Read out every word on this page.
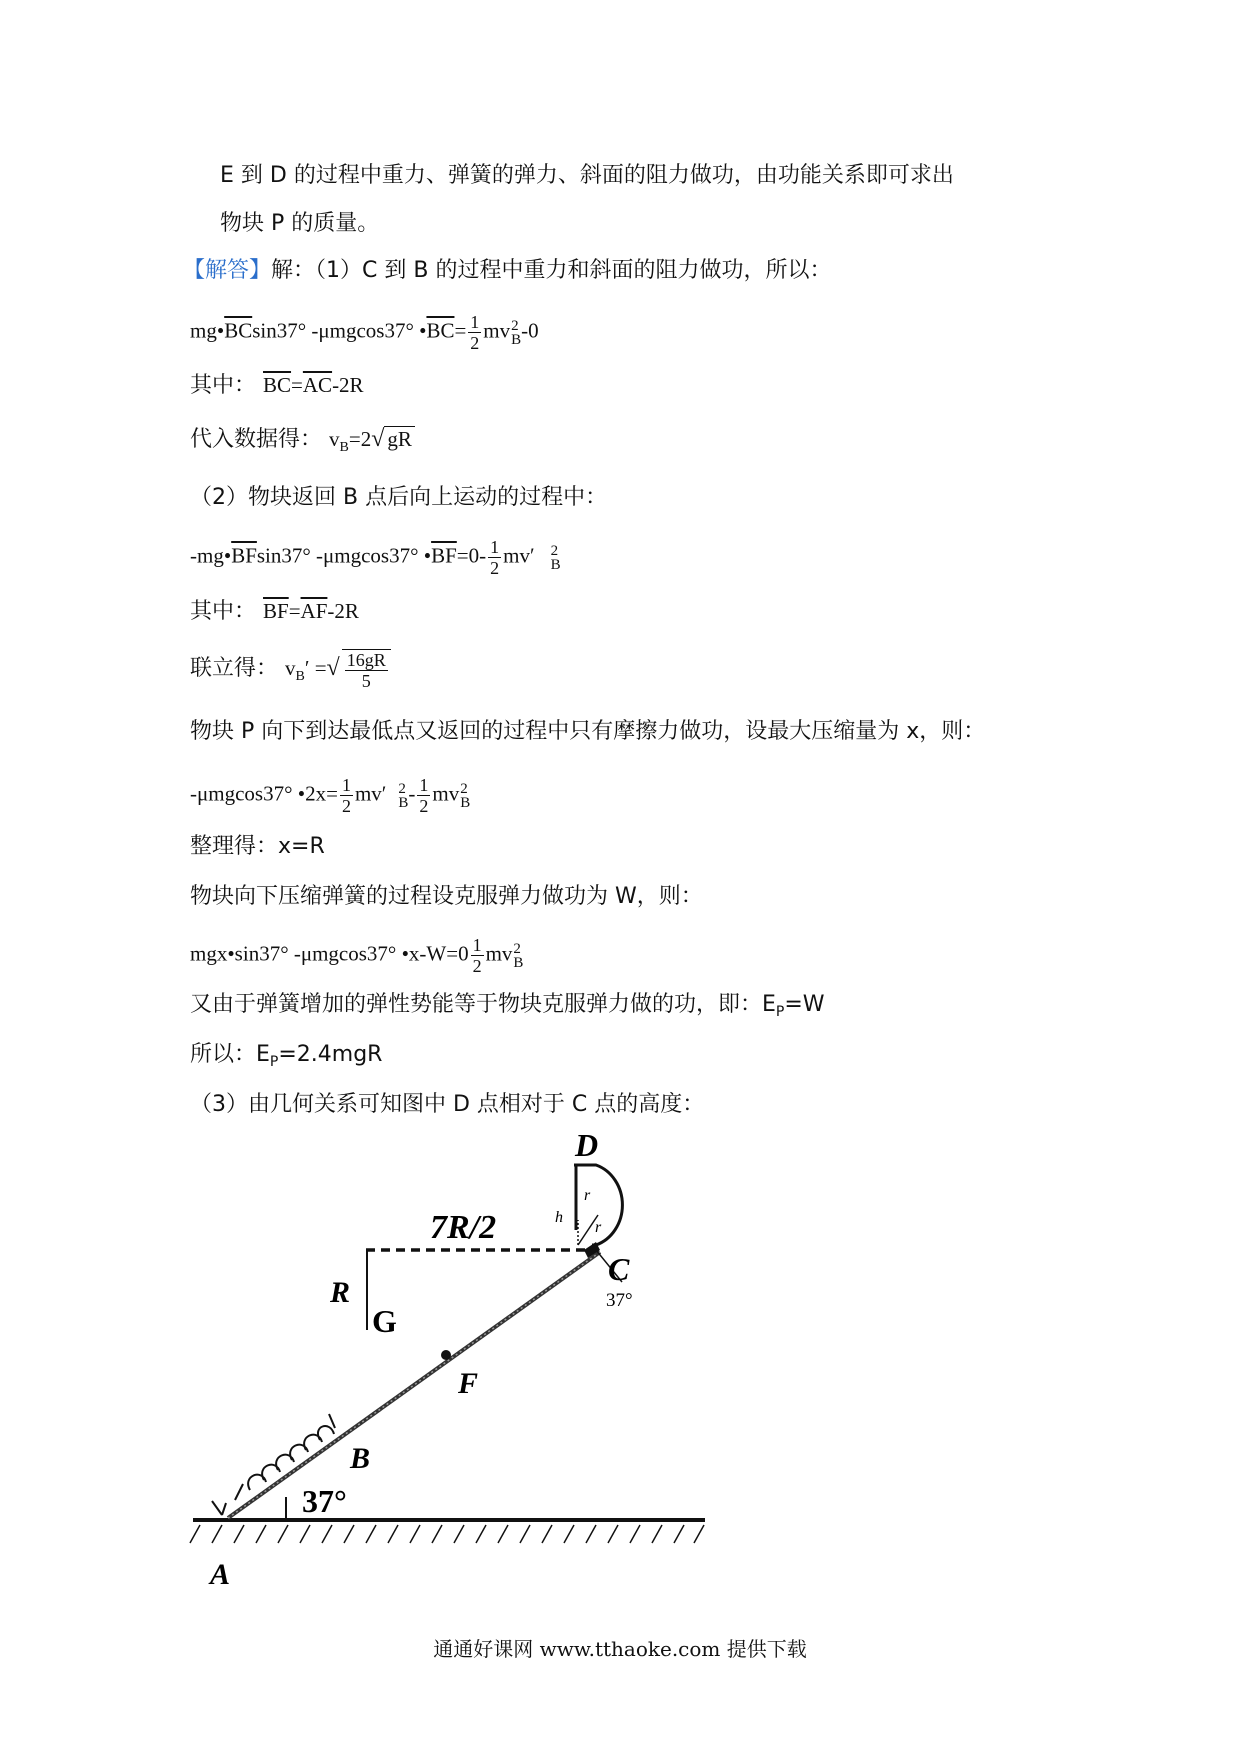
E 到 D 的过程中重力、弹簧的弹力、斜面的阻力做功，由功能关系即可求出
物块 P 的质量。
【解答】解：（1）C 到 B 的过程中重力和斜面的阻力做功，所以：
$mg•\overline{BC}\sin 37^\circ$ -μmgcos37° $•\overline{BC}= \frac{1}{2}$ mv 2
B -0
其中： $\overline{BC}=\overline{AC}-2R$
代入数据得： $v_B=2√$ gR
（2）物块返回 B 点后向上运动的过程中：
$-mg•\overline{BF}\sin 37^\circ$ -μmgcos37° $•\overline{BF}=0- \frac{1}{2} mv'$ 2
B
其中： $\overline{BF}=\overline{AF}-2R$
联立得： $v_B'$ =√ $\frac{16gR}{5}$
物块 P 向下到达最低点又返回的过程中只有摩擦力做功，设最大压缩量为 x，则：
-μmgcos37° •2x= $\frac{1}{2} mv'$ 2
B - $\frac{1}{2}$ mv 2
B
整理得：x=R
物块向下压缩弹簧的过程设克服弹力做功为 W，则：
mgx•sin37° -μmgcos37° •x-W=0 $\frac{1}{2}$ mv 2
B
又由于弹簧增加的弹性势能等于物块克服弹力做的功，即：$E_P=W$
所以：$E_P=2.4mgR$
（3）由几何关系可知图中 D 点相对于 C 点的高度：
D
C
R
G
F
B
A
h
r
r
7R/2
37°
37°
通通好课网 www.tthaoke.com 提供下载
